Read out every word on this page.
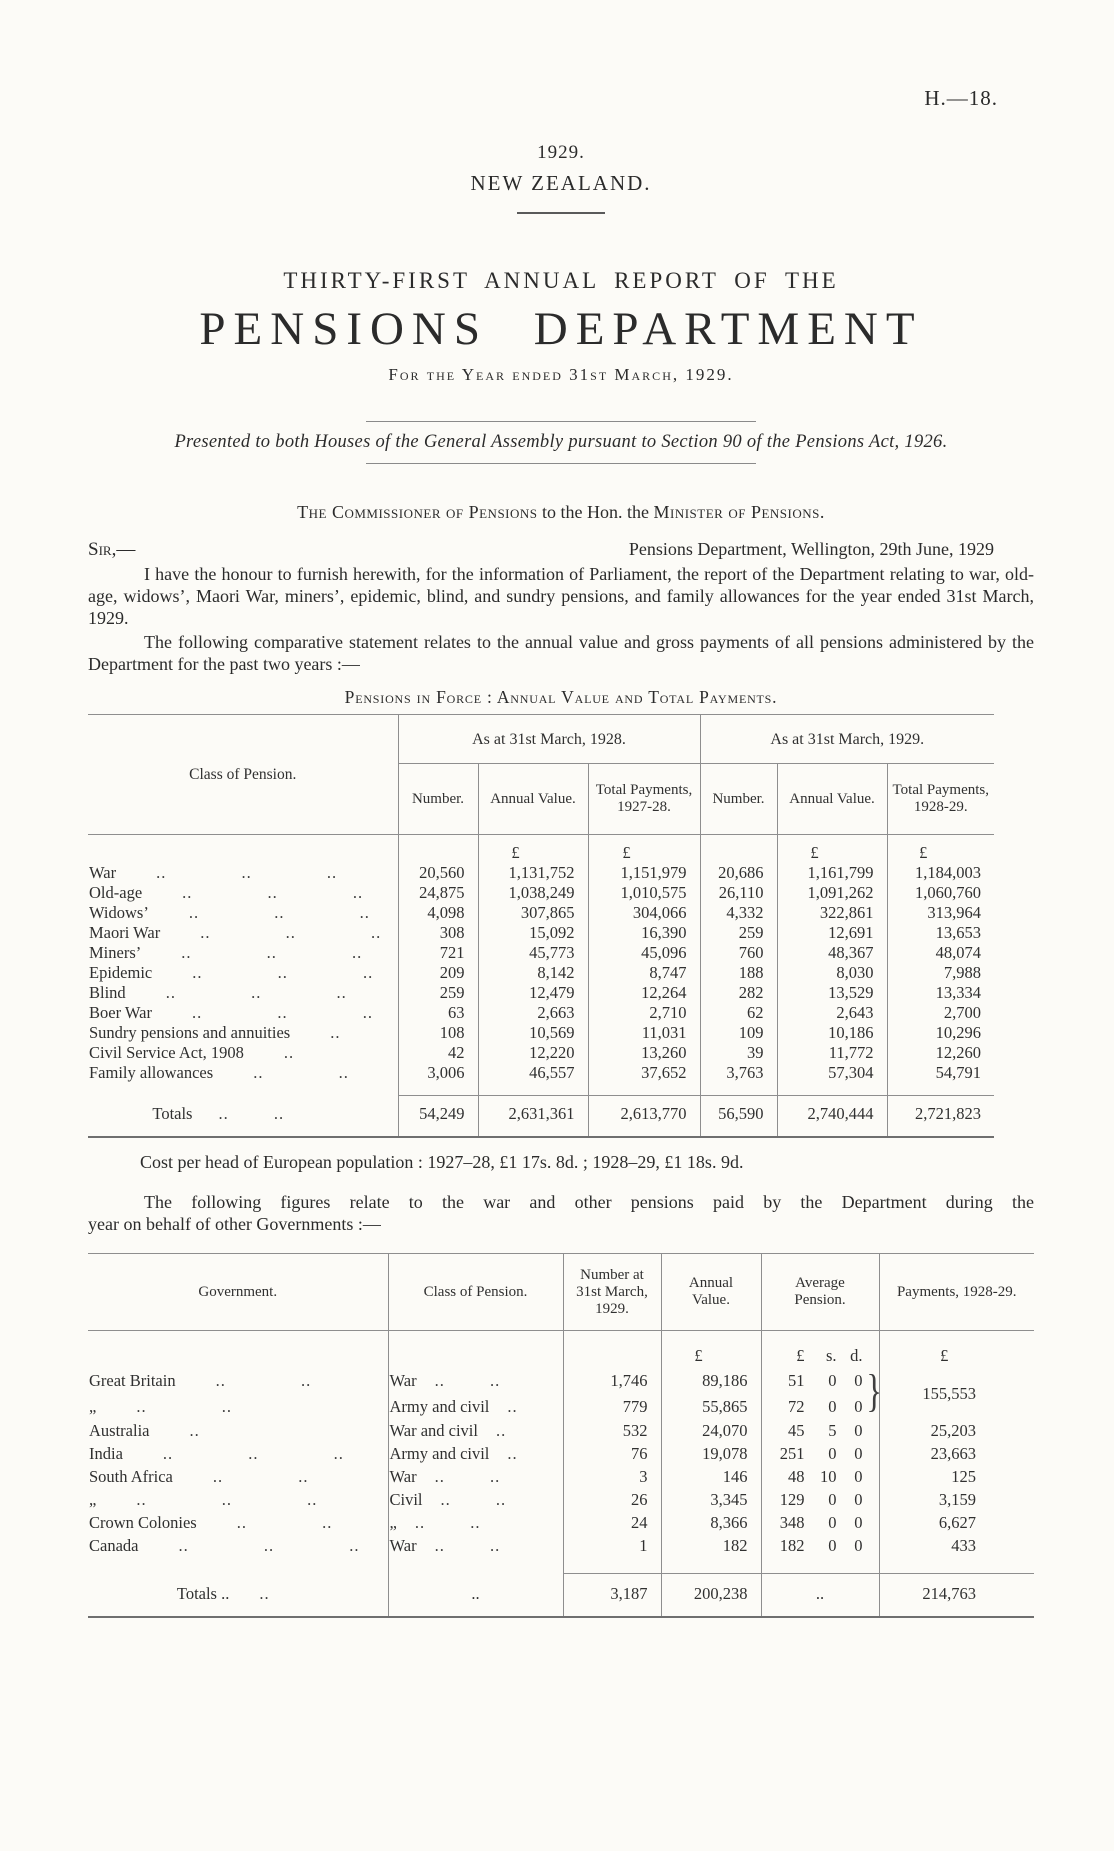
H.—18.
1929.
NEW ZEALAND.
THIRTY-FIRST ANNUAL REPORT OF THE
PENSIONS DEPARTMENT
For the Year ended 31st March, 1929.

Presented to both Houses of the General Assembly pursuant to Section 90 of the Pensions Act, 1926.

The Commissioner of Pensions to the Hon. the Minister of Pensions.
Sir,—	Pensions Department, Wellington, 29th June, 1929

I have the honour to furnish herewith, for the information of Parliament, the report of the Department relating to war, old-age, widows’, Maori War, miners’, epidemic, blind, and sundry pensions, and family allowances for the year ended 31st March, 1929.

The following comparative statement relates to the annual value and gross payments of all pensions administered by the Department for the past two years :—

Pensions in Force : Annual Value and Total Payments.
Class of Pension.	As at 31st March, 1928.			As at 31st March, 1929.		
	Number.	Annual Value.	Total Payments, 1927-28.	Number.	Annual Value.	Total Payments, 1928-29.
		£	£		£	£
War .. .. ..	20,560	1,131,752	1,151,979	20,686	1,161,799	1,184,003
Old-age .. .. ..	24,875	1,038,249	1,010,575	26,110	1,091,262	1,060,760
Widows’ .. .. ..	4,098	307,865	304,066	4,332	322,861	313,964
Maori War .. .. ..	308	15,092	16,390	259	12,691	13,653
Miners’ .. .. ..	721	45,773	45,096	760	48,367	48,074
Epidemic .. .. ..	209	8,142	8,747	188	8,030	7,988
Blind .. .. ..	259	12,479	12,264	282	13,529	13,334
Boer War .. .. ..	63	2,663	2,710	62	2,643	2,700
Sundry pensions and annuities ..	108	10,569	11,031	109	10,186	10,296
Civil Service Act, 1908 ..	42	12,220	13,260	39	11,772	12,260
Family allowances .. ..	3,006	46,557	37,652	3,763	57,304	54,791

Totals .. ..	54,249	2,631,361	2,613,770	56,590	2,740,444	2,721,823

Cost per head of European population : 1927–28, £1 17s. 8d. ; 1928–29, £1 18s. 9d.

The following figures relate to the war and other pensions paid by the Department during the
year on behalf of other Governments :—

Government.	Class of Pension.	Number at 31st March, 1929.	Annual Value.	Average Pension.	Payments, 1928-29.
			£	£ s. d.	£
Great Britain .. ..	War .. ..	1,746	89,186	51 0 0 }	155,553
„ .. ..	Army and civil ..	779	55,865	72 0 0	
Australia ..	War and civil ..	532	24,070	45 5 0	25,203
India .. .. ..	Army and civil ..	76	19,078	251 0 0	23,663
South Africa .. ..	War .. ..	3	146	48 10 0	125
„ .. .. ..	Civil .. ..	26	3,345	129 0 0	3,159
Crown Colonies .. ..	„ .. ..	24	8,366	348 0 0	6,627
Canada .. .. ..	War .. ..	1	182	182 0 0	433

Totals .. ..	..	3,187	200,238	..	214,763
